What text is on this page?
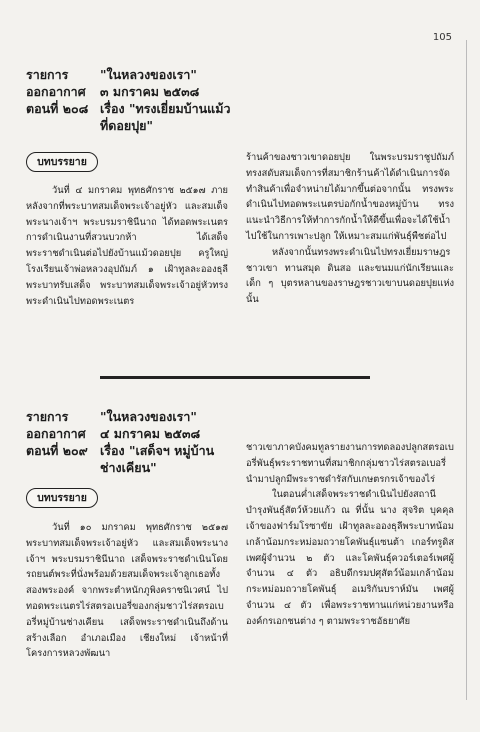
105
รายการ	"ในหลวงของเรา"
ออกอากาศ	๓ มกราคม ๒๕๓๘
ตอนที่ ๒๐๘ เรื่อง "ทรงเยี่ยมบ้านแม้ว
ที่ดอยปุย"
บทบรรยาย

วันที่ ๔ มกราคม พุทธศักราช ๒๕๑๗ ภายหลังจากที่พระบาทสมเด็จพระเจ้าอยู่หัว และสมเด็จพระนางเจ้าฯ พระบรมราชินีนาถ ได้ทอดพระเนตรการดำเนินงานที่สวนบวกห้า ได้เสด็จพระราชดำเนินต่อไปยังบ้านแม้วดอยปุย ครูใหญ่โรงเรียนเจ้าพ่อหลวงอุปถัมภ์ ๑ เฝ้าทูลละอองธุลีพระบาทรับเสด็จ พระบาทสมเด็จพระเจ้าอยู่หัวทรงพระดำเนินไปทอดพระเนตร

ร้านค้าของชาวเขาดอยปุย ในพระบรมราชูปถัมภ์ ทรงสดับสมเด็จการที่สมาชิกร้านค้าได้ดำเนินการจัดทำสินค้าเพื่อจำหน่ายได้มากขึ้นต่อจากนั้น ทรงพระดำเนินไปทอดพระเนตรบ่อกักน้ำของหมู่บ้าน ทรงแนะนำวิธีการให้ทำการกักน้ำให้ดีขึ้นเพื่อจะได้ใช้น้ำไปใช้ในการเพาะปลูก ให้เหมาะสมแก่พันธุ์พืชต่อไป

หลังจากนั้นทรงพระดำเนินไปทรงเยี่ยมราษฎรชาวเขา ทานสมุด ดินสอ และขนมแก่นักเรียนและเด็ก ๆ บุตรหลานของราษฎรชาวเขาบนดอยปุยแห่งนั้น

รายการ	"ในหลวงของเรา"
ออกอากาศ	๔ มกราคม ๒๕๓๘
ตอนที่ ๒๐๙ เรื่อง "เสด็จฯ หมู่บ้าน
ช่างเคียน"
บทบรรยาย

วันที่ ๑๐ มกราคม พุทธศักราช ๒๕๑๗ พระบาทสมเด็จพระเจ้าอยู่หัว และสมเด็จพระนางเจ้าฯ พระบรมราชินีนาถ เสด็จพระราชดำเนินโดยรถยนต์พระที่นั่งพร้อมด้วยสมเด็จพระเจ้าลูกเธอทั้งสองพระองค์ จากพระตำหนักภูพิงคราชนิเวศน์ ไปทอดพระเนตรไร่สตรอเบอรี่ของกลุ่มชาวไร่สตรอเบอรี่หมู่บ้านช่างเคียน เสด็จพระราชดำเนินถึงด้านสร้างเลือก อำเภอเมือง เชียงใหม่ เจ้าหน้าที่โครงการหลวงพัฒนา

ชาวเขาภาคบังคมทูลรายงานการทดลองปลูกสตรอเบอรี่พันธุ์พระราชทานที่สมาชิกกลุ่มชาวไร่สตรอเบอรี่ นำมาปลูกมีพระราชดำรัสกับเกษตรกรเจ้าของไร่

ในตอนค่ำเสด็จพระราชดำเนินไปยังสถานีบำรุงพันธุ์สัตว์ห้วยแก้ว ณ ที่นั้น นาง สุจริต บุคคุล เจ้าของฟาร์มโรซาขัย เฝ้าทูลละอองธุลีพระบาทน้อมเกล้าน้อมกระหม่อมถวายโคพันธุ์แซนต้า เกอร์ทรูดิส เพศผู้จำนวน ๒ ตัว และโคพันธุ์ควอร์เตอร์เพศผู้จำนวน ๔ ตัว อธิบดีกรมปศุสัตว์น้อมเกล้าน้อมกระหม่อมถวายโคพันธุ์ อเมริกันบราห์มัน เพศผู้จำนวน ๔ ตัว เพื่อพระราชทานแก่หน่วยงานหรือองค์กรเอกชนต่าง ๆ ตามพระราชอัธยาศัย
